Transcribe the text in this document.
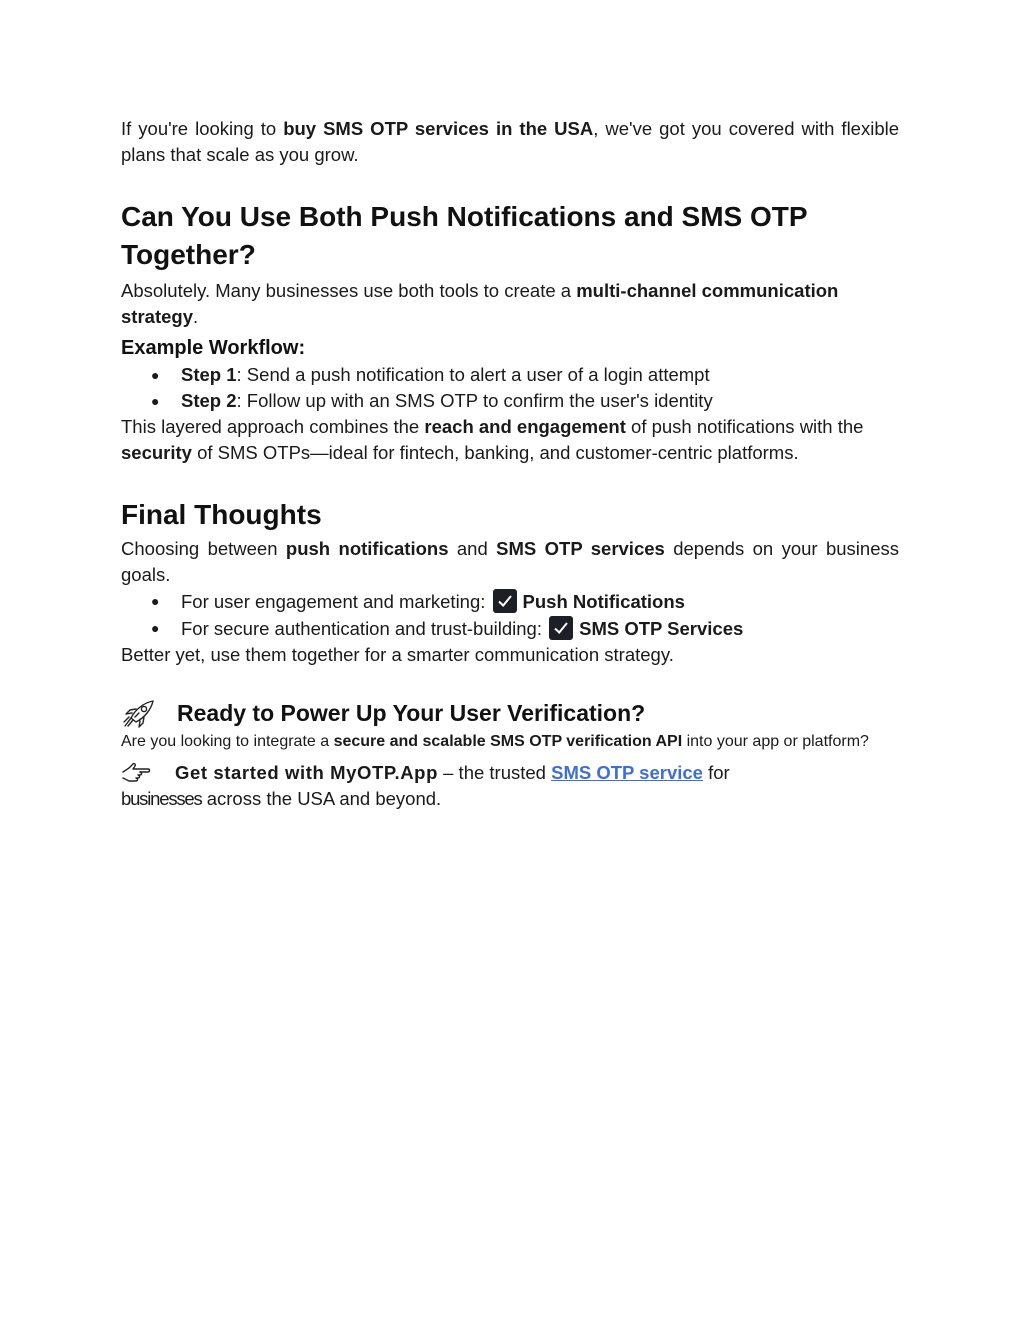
If you're looking to buy SMS OTP services in the USA, we've got you covered with flexible plans that scale as you grow.

Can You Use Both Push Notifications and SMS OTP Together?

Absolutely. Many businesses use both tools to create a multi-channel communication strategy.

Example Workflow:
● Step 1: Send a push notification to alert a user of a login attempt
● Step 2: Follow up with an SMS OTP to confirm the user's identity

This layered approach combines the reach and engagement of push notifications with the security of SMS OTPs—ideal for fintech, banking, and customer-centric platforms.

Final Thoughts

Choosing between push notifications and SMS OTP services depends on your business goals.

● For user engagement and marketing:
Push Notifications
● For secure authentication and trust-building:
SMS OTP Services

Better yet, use them together for a smarter communication strategy.

Ready to Power Up Your User Verification?

Are you looking to integrate a secure and scalable SMS OTP verification API into your app or platform?

Get started with MyOTP.App – the trusted SMS OTP service for

businesses across the USA and beyond.
